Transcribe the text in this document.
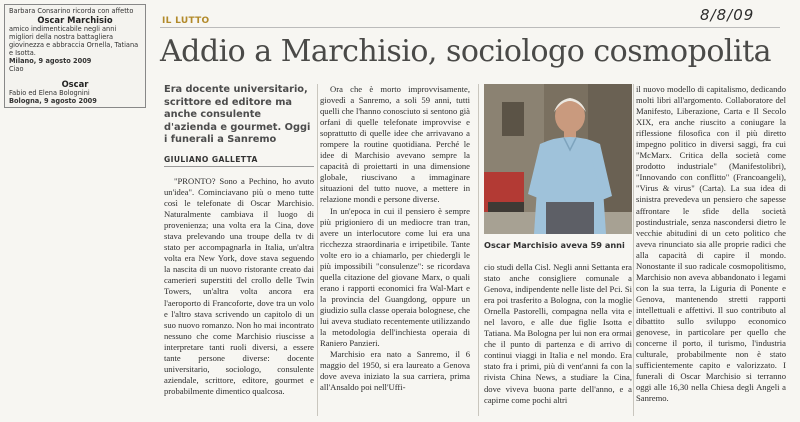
Barbara Consarino ricorda con affetto

Oscar Marchisio

amico indimenticabile negli anni migliori della nostra battagliera giovinezza e abbraccia Ornella, Tatiana e Isotta.

Milano, 9 agosto 2009

Ciao

Oscar

Fabio ed Elena Bolognini

Bologna, 9 agosto 2009

IL LUTTO	8/8/09
Addio a Marchisio, sociologo cosmopolita
Era docente universitario, scrittore ed editore ma anche consulente d'azienda e gourmet. Oggi i funerali a Sanremo
GIULIANO GALLETTA

"PRONTO? Sono a Pechino, ho avuto un'idea". Cominciavano più o meno tutte così le telefonate di Oscar Marchisio. Naturalmente cambiava il luogo di provenienza; una volta era la Cina, dove stava prelevando una troupe della tv di stato per accompagnarla in Italia, un'altra volta era New York, dove stava seguendo la nascita di un nuovo ristorante creato dai camerieri superstiti del crollo delle Twin Towers, un'altra volta ancora era l'aeroporto di Francoforte, dove tra un volo e l'altro stava scrivendo un capitolo di un suo nuovo romanzo. Non ho mai incontrato nessuno che come Marchisio riuscisse a interpretare tanti ruoli diversi, a essere tante persone diverse: docente universitario, sociologo, consulente aziendale, scrittore, editore, gourmet e probabilmente dimentico qualcosa.

Ora che è morto improvvisamente, giovedì a Sanremo, a soli 59 anni, tutti quelli che l'hanno conosciuto si sentono già orfani di quelle telefonate improvvise e soprattutto di quelle idee che arrivavano a rompere la routine quotidiana. Perché le idee di Marchisio avevano sempre la capacità di proiettarti in una dimensione globale, riuscivano a immaginare situazioni del tutto nuove, a mettere in relazione mondi e persone diverse.

In un'epoca in cui il pensiero è sempre più prigioniero di un mediocre tran tran, avere un interlocutore come lui era una ricchezza straordinaria e irripetibile. Tante volte ero io a chiamarlo, per chiedergli le più impossibili "consulenze": se ricordava quella citazione del giovane Marx, o quali erano i rapporti economici fra Wal-Mart e la provincia del Guangdong, oppure un giudizio sulla classe operaia bolognese, che lui aveva studiato recentemente utilizzando la metodologia dell'inchiesta operaia di Raniero Panzieri.

Marchisio era nato a Sanremo, il 6 maggio del 1950, si era laureato a Genova dove aveva iniziato la sua carriera, prima all'Ansaldo poi nell'Uffi-

Oscar Marchisio aveva 59 anni

cio studi della Cisl. Negli anni Settanta era stato anche consigliere comunale a Genova, indipendente nelle liste del Pci. Si era poi trasferito a Bologna, con la moglie Ornella Pastorelli, compagna nella vita e nel lavoro, e alle due figlie Isotta e Tatiana. Ma Bologna per lui non era ormai che il punto di partenza e di arrivo di continui viaggi in Italia e nel mondo. Era stato fra i primi, più di vent'anni fa con la rivista China News, a studiare la Cina, dove viveva buona parte dell'anno, e a capirne come pochi altri

il nuovo modello di capitalismo, dedicando molti libri all'argomento. Collaboratore del Manifesto, Liberazione, Carta e Il Secolo XIX, era anche riuscito a coniugare la riflessione filosofica con il più diretto impegno politico in diversi saggi, fra cui "McMarx. Critica della società come prodotto industriale" (Manifestolibri), "Innovando con conflitto" (Francoangeli), "Virus & virus" (Carta). La sua idea di sinistra prevedeva un pensiero che sapesse affrontare le sfide della società postindustriale, senza nascondersi dietro le vecchie abitudini di un ceto politico che aveva rinunciato sia alle proprie radici che alla capacità di capire il mondo. Nonostante il suo radicale cosmopolitismo, Marchisio non aveva abbandonato i legami con la sua terra, la Liguria di Ponente e Genova, mantenendo stretti rapporti intellettuali e affettivi. Il suo contributo al dibattito sullo sviluppo economico genovese, in particolare per quello che concerne il porto, il turismo, l'industria culturale, probabilmente non è stato sufficientemente capito e valorizzato. I funerali di Oscar Marchisio si terranno oggi alle 16,30 nella Chiesa degli Angeli a Sanremo.
